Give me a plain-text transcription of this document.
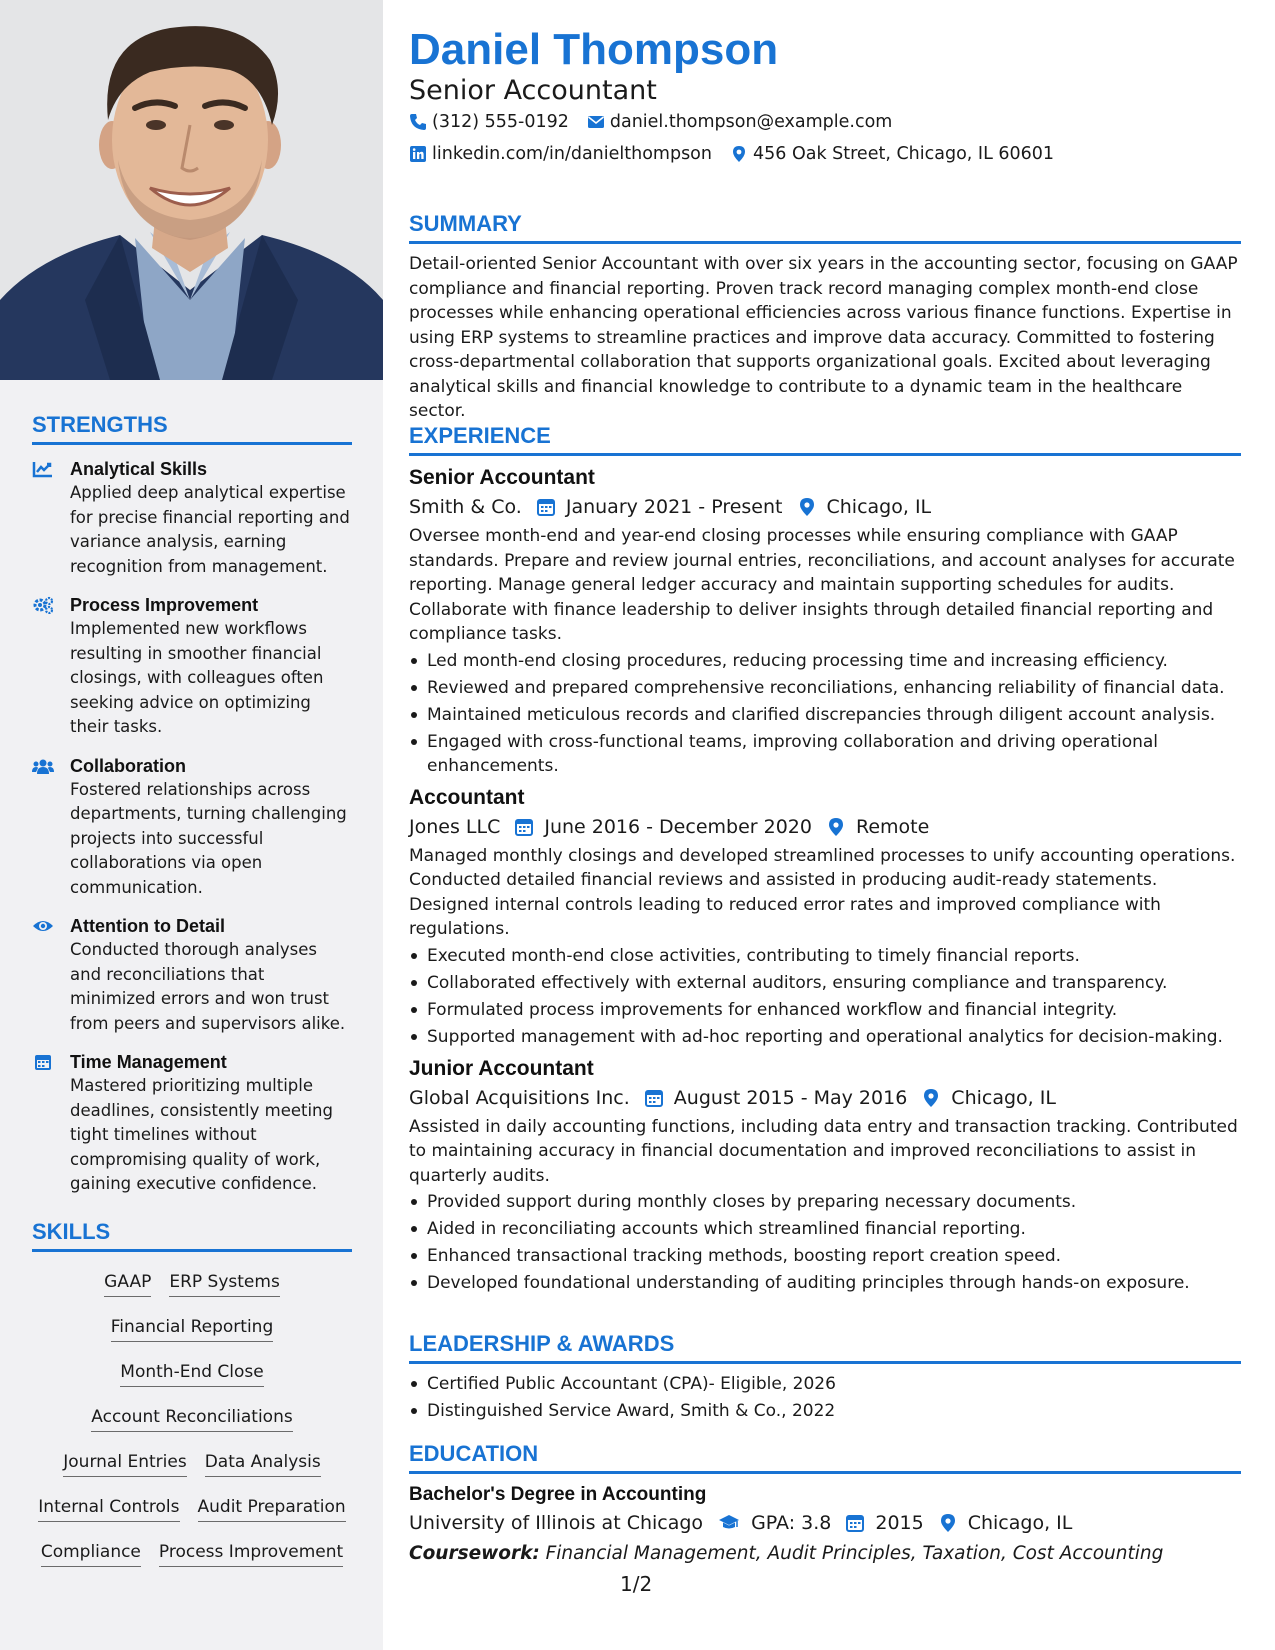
STRENGTHS
Analytical Skills
Applied deep analytical expertise for precise financial reporting and variance analysis, earning recognition from management.
Process Improvement
Implemented new workflows resulting in smoother financial closings, with colleagues often seeking advice on optimizing their tasks.
Collaboration
Fostered relationships across departments, turning challenging projects into successful collaborations via open communication.
Attention to Detail
Conducted thorough analyses and reconciliations that minimized errors and won trust from peers and supervisors alike.
Time Management
Mastered prioritizing multiple deadlines, consistently meeting tight timelines without compromising quality of work, gaining executive confidence.
SKILLS
GAAP ERP Systems
Financial Reporting
Month-End Close
Account Reconciliations
Journal Entries Data Analysis
Internal Controls Audit Preparation
Compliance Process Improvement
Daniel Thompson
Senior Accountant
(312) 555-0192 daniel.thompson@example.com
linkedin.com/in/danielthompson 456 Oak Street, Chicago, IL 60601
SUMMARY
Detail-oriented Senior Accountant with over six years in the accounting sector, focusing on GAAP compliance and financial reporting. Proven track record managing complex month-end close processes while enhancing operational efficiencies across various finance functions. Expertise in using ERP systems to streamline practices and improve data accuracy. Committed to fostering cross-departmental collaboration that supports organizational goals. Excited about leveraging analytical skills and financial knowledge to contribute to a dynamic team in the healthcare sector.
EXPERIENCE
Senior Accountant
Smith & Co. January 2021 - Present Chicago, IL
Oversee month-end and year-end closing processes while ensuring compliance with GAAP standards. Prepare and review journal entries, reconciliations, and account analyses for accurate reporting. Manage general ledger accuracy and maintain supporting schedules for audits. Collaborate with finance leadership to deliver insights through detailed financial reporting and compliance tasks.
Led month-end closing procedures, reducing processing time and increasing efficiency.
Reviewed and prepared comprehensive reconciliations, enhancing reliability of financial data.
Maintained meticulous records and clarified discrepancies through diligent account analysis.
Engaged with cross-functional teams, improving collaboration and driving operational enhancements.
Accountant
Jones LLC June 2016 - December 2020 Remote
Managed monthly closings and developed streamlined processes to unify accounting operations. Conducted detailed financial reviews and assisted in producing audit-ready statements. Designed internal controls leading to reduced error rates and improved compliance with regulations.
Executed month-end close activities, contributing to timely financial reports.
Collaborated effectively with external auditors, ensuring compliance and transparency.
Formulated process improvements for enhanced workflow and financial integrity.
Supported management with ad-hoc reporting and operational analytics for decision-making.
Junior Accountant
Global Acquisitions Inc. August 2015 - May 2016 Chicago, IL
Assisted in daily accounting functions, including data entry and transaction tracking. Contributed to maintaining accuracy in financial documentation and improved reconciliations to assist in quarterly audits.
Provided support during monthly closes by preparing necessary documents.
Aided in reconciliating accounts which streamlined financial reporting.
Enhanced transactional tracking methods, boosting report creation speed.
Developed foundational understanding of auditing principles through hands-on exposure.
LEADERSHIP & AWARDS
Certified Public Accountant (CPA)- Eligible, 2026
Distinguished Service Award, Smith & Co., 2022
EDUCATION
Bachelor's Degree in Accounting
University of Illinois at Chicago	GPA: 3.8 2015 Chicago, IL
Coursework: Financial Management, Audit Principles, Taxation, Cost Accounting
1/2
